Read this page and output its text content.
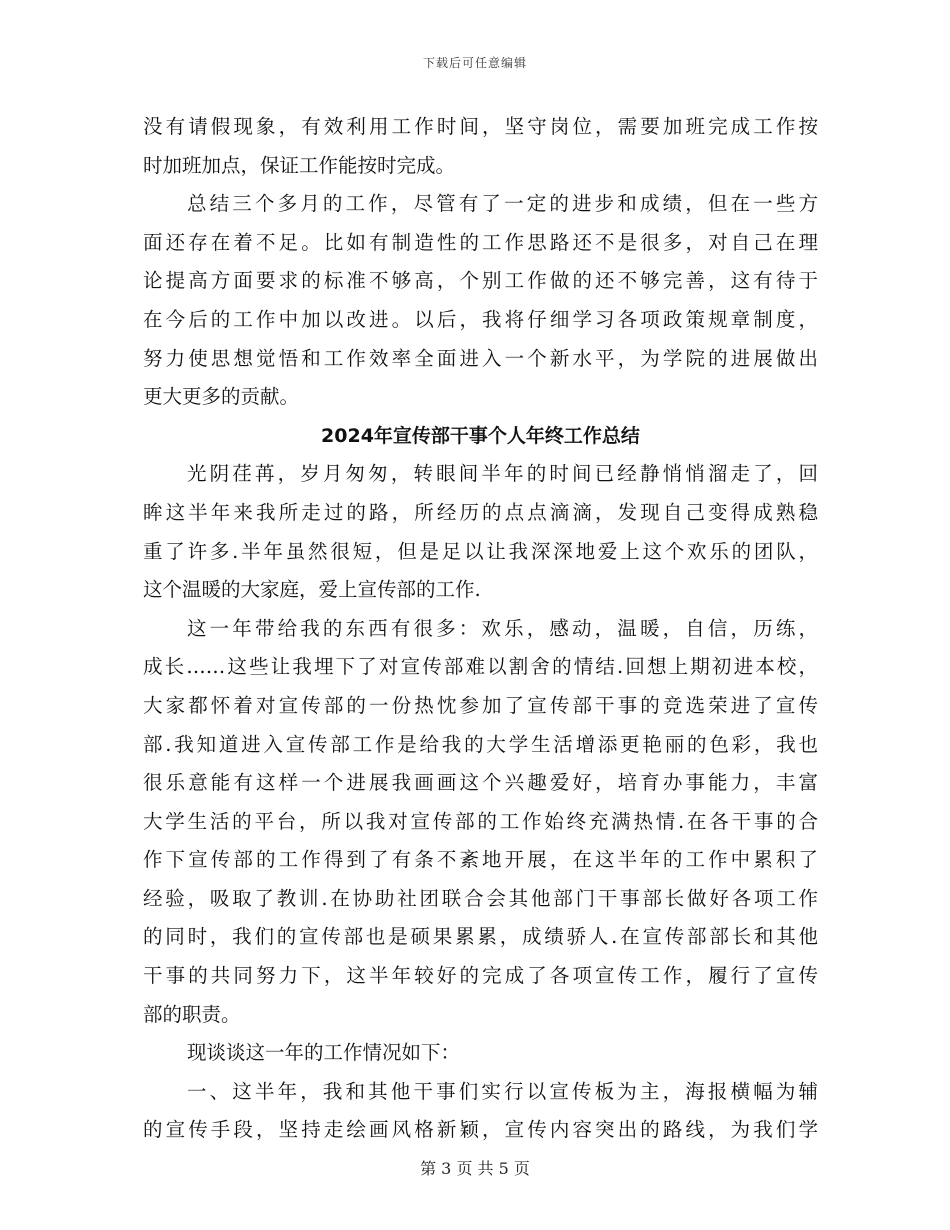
下载后可任意编辑
没有请假现象，有效利用工作时间，坚守岗位，需要加班完成工作按
时加班加点，保证工作能按时完成。
总结三个多月的工作，尽管有了一定的进步和成绩，但在一些方
面还存在着不足。比如有制造性的工作思路还不是很多，对自己在理
论提高方面要求的标准不够高，个别工作做的还不够完善，这有待于
在今后的工作中加以改进。以后，我将仔细学习各项政策规章制度，
努力使思想觉悟和工作效率全面进入一个新水平，为学院的进展做出
更大更多的贡献。
2024年宣传部干事个人年终工作总结
光阴荏苒，岁月匆匆，转眼间半年的时间已经静悄悄溜走了，回
眸这半年来我所走过的路，所经历的点点滴滴，发现自己变得成熟稳
重了许多.半年虽然很短，但是足以让我深深地爱上这个欢乐的团队，
这个温暖的大家庭，爱上宣传部的工作.
这一年带给我的东西有很多：欢乐，感动，温暖，自信，历练，
成长……这些让我埋下了对宣传部难以割舍的情结.回想上期初进本校，
大家都怀着对宣传部的一份热忱参加了宣传部干事的竞选荣进了宣传
部.我知道进入宣传部工作是给我的大学生活增添更艳丽的色彩，我也
很乐意能有这样一个进展我画画这个兴趣爱好，培育办事能力，丰富
大学生活的平台，所以我对宣传部的工作始终充满热情.在各干事的合
作下宣传部的工作得到了有条不紊地开展，在这半年的工作中累积了
经验，吸取了教训.在协助社团联合会其他部门干事部长做好各项工作
的同时，我们的宣传部也是硕果累累，成绩骄人.在宣传部部长和其他
干事的共同努力下，这半年较好的完成了各项宣传工作，履行了宣传
部的职责。
现谈谈这一年的工作情况如下：
一、这半年，我和其他干事们实行以宣传板为主，海报横幅为辅
的宣传手段，坚持走绘画风格新颖，宣传内容突出的路线，为我们学
第 3 页 共 5 页
